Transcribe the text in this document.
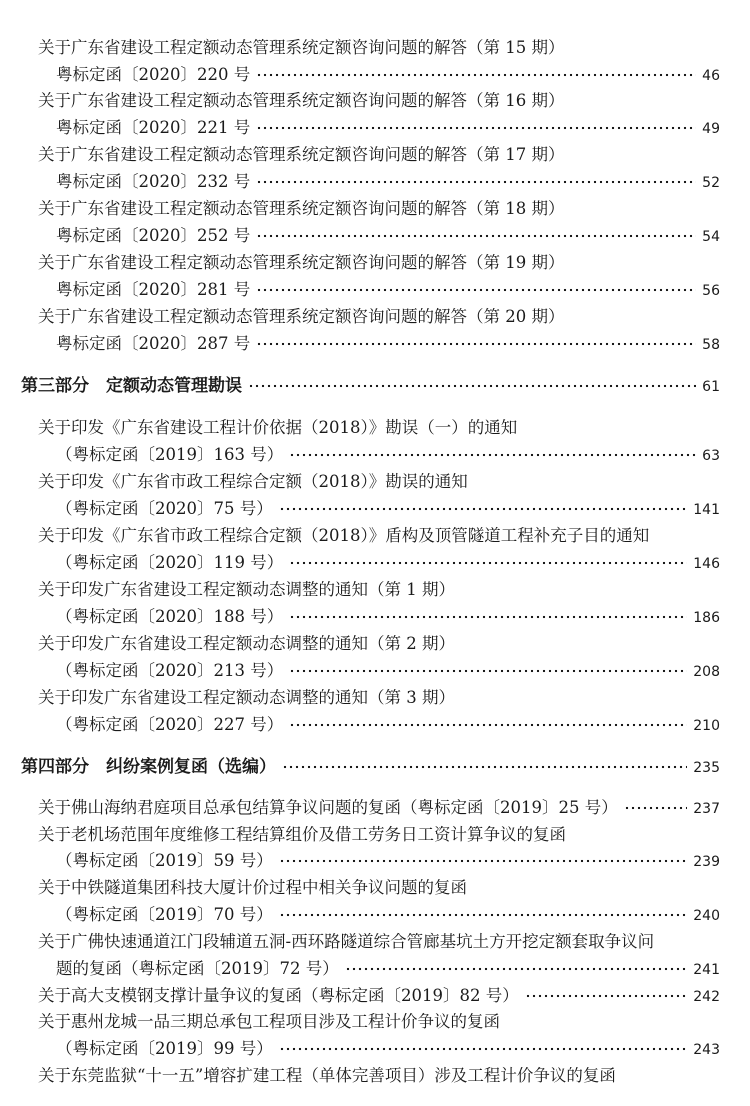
关于广东省建设工程定额动态管理系统定额咨询问题的解答（第 15 期）
粤标定函〔2020〕220 号	46
关于广东省建设工程定额动态管理系统定额咨询问题的解答（第 16 期）
粤标定函〔2020〕221 号	49
关于广东省建设工程定额动态管理系统定额咨询问题的解答（第 17 期）
粤标定函〔2020〕232 号	52
关于广东省建设工程定额动态管理系统定额咨询问题的解答（第 18 期）
粤标定函〔2020〕252 号	54
关于广东省建设工程定额动态管理系统定额咨询问题的解答（第 19 期）
粤标定函〔2020〕281 号	56
关于广东省建设工程定额动态管理系统定额咨询问题的解答（第 20 期）
粤标定函〔2020〕287 号	58
第三部分　定额动态管理勘误	61
关于印发《广东省建设工程计价依据（2018）》勘误（一）的通知
（粤标定函〔2019〕163 号）	63
关于印发《广东省市政工程综合定额（2018）》勘误的通知
（粤标定函〔2020〕75 号）	141
关于印发《广东省市政工程综合定额（2018）》盾构及顶管隧道工程补充子目的通知
（粤标定函〔2020〕119 号）	146
关于印发广东省建设工程定额动态调整的通知（第 1 期）
（粤标定函〔2020〕188 号）	186
关于印发广东省建设工程定额动态调整的通知（第 2 期）
（粤标定函〔2020〕213 号）	208
关于印发广东省建设工程定额动态调整的通知（第 3 期）
（粤标定函〔2020〕227 号）	210
第四部分　纠纷案例复函（选编）	235
关于佛山海纳君庭项目总承包结算争议问题的复函（粤标定函〔2019〕25 号）	237
关于老机场范围年度维修工程结算组价及借工劳务日工资计算争议的复函
（粤标定函〔2019〕59 号）	239
关于中铁隧道集团科技大厦计价过程中相关争议问题的复函
（粤标定函〔2019〕70 号）	240
关于广佛快速通道江门段辅道五洞-西环路隧道综合管廊基坑土方开挖定额套取争议问
题的复函（粤标定函〔2019〕72 号）	241
关于高大支模钢支撑计量争议的复函（粤标定函〔2019〕82 号）	242
关于惠州龙城一品三期总承包工程项目涉及工程计价争议的复函
（粤标定函〔2019〕99 号）	243
关于东莞监狱“十一五”增容扩建工程（单体完善项目）涉及工程计价争议的复函
